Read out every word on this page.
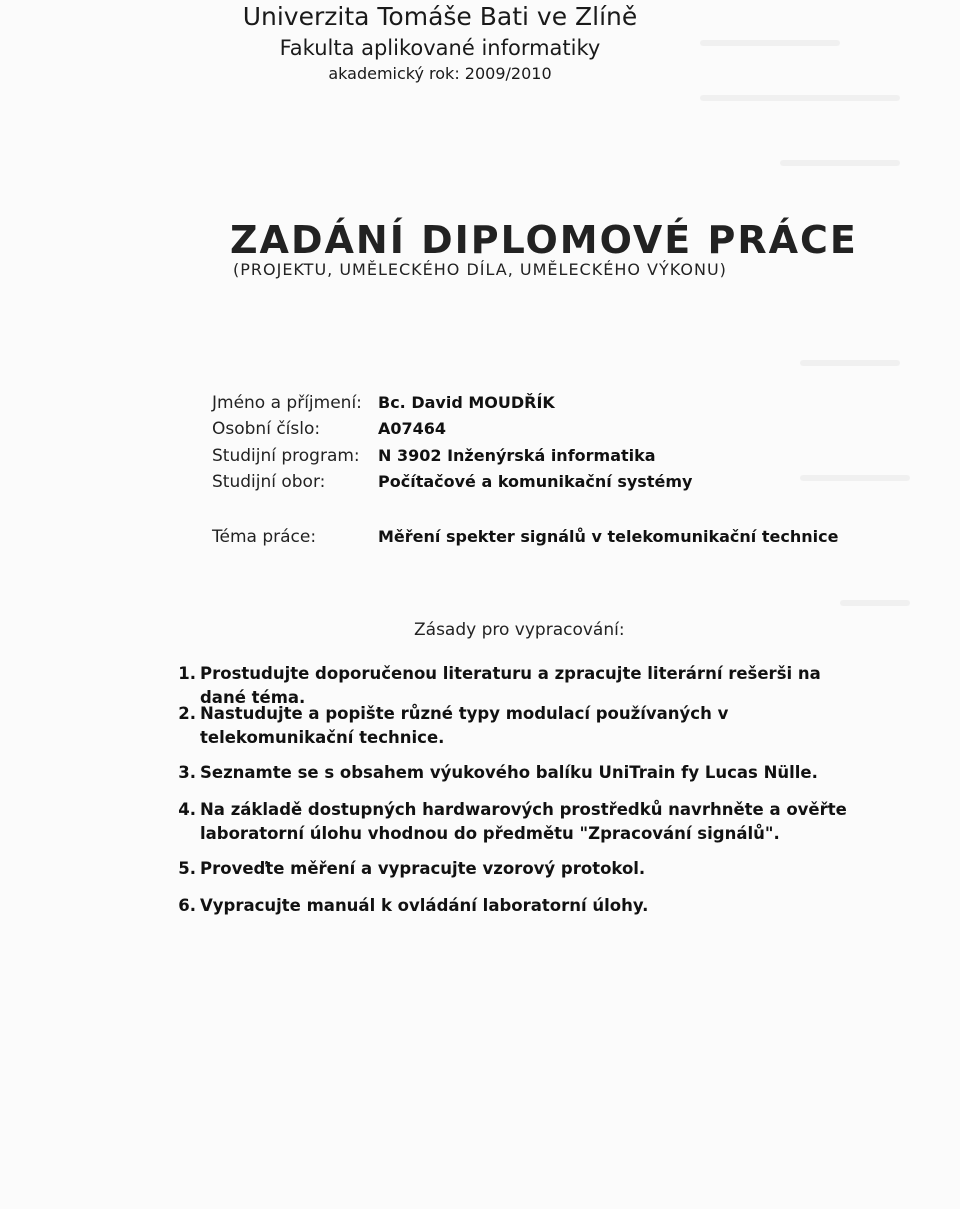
Univerzita Tomáše Bati ve Zlíně
Fakulta aplikované informatiky
akademický rok: 2009/2010
ZADÁNÍ DIPLOMOVÉ PRÁCE
(PROJEKTU, UMĚLECKÉHO DÍLA, UMĚLECKÉHO VÝKONU)
Jméno a příjmení: Bc. David MOUDŘÍK
Osobní číslo:	A07464
Studijní program: N 3902 Inženýrská informatika
Studijní obor:	Počítačové a komunikační systémy
Téma práce:	Měření spekter signálů v telekomunikační technice
Zásady pro vypracování:
1. Prostudujte doporučenou literaturu a zpracujte literární rešerši na dané téma.
2. Nastudujte a popište různé typy modulací používaných v telekomunikační technice.
3. Seznamte se s obsahem výukového balíku UniTrain fy Lucas Nülle.
4. Na základě dostupných hardwarových prostředků navrhněte a ověřte laboratorní úlohu vhodnou do předmětu "Zpracování signálů".
5. Proveďte měření a vypracujte vzorový protokol.
6. Vypracujte manuál k ovládání laboratorní úlohy.
